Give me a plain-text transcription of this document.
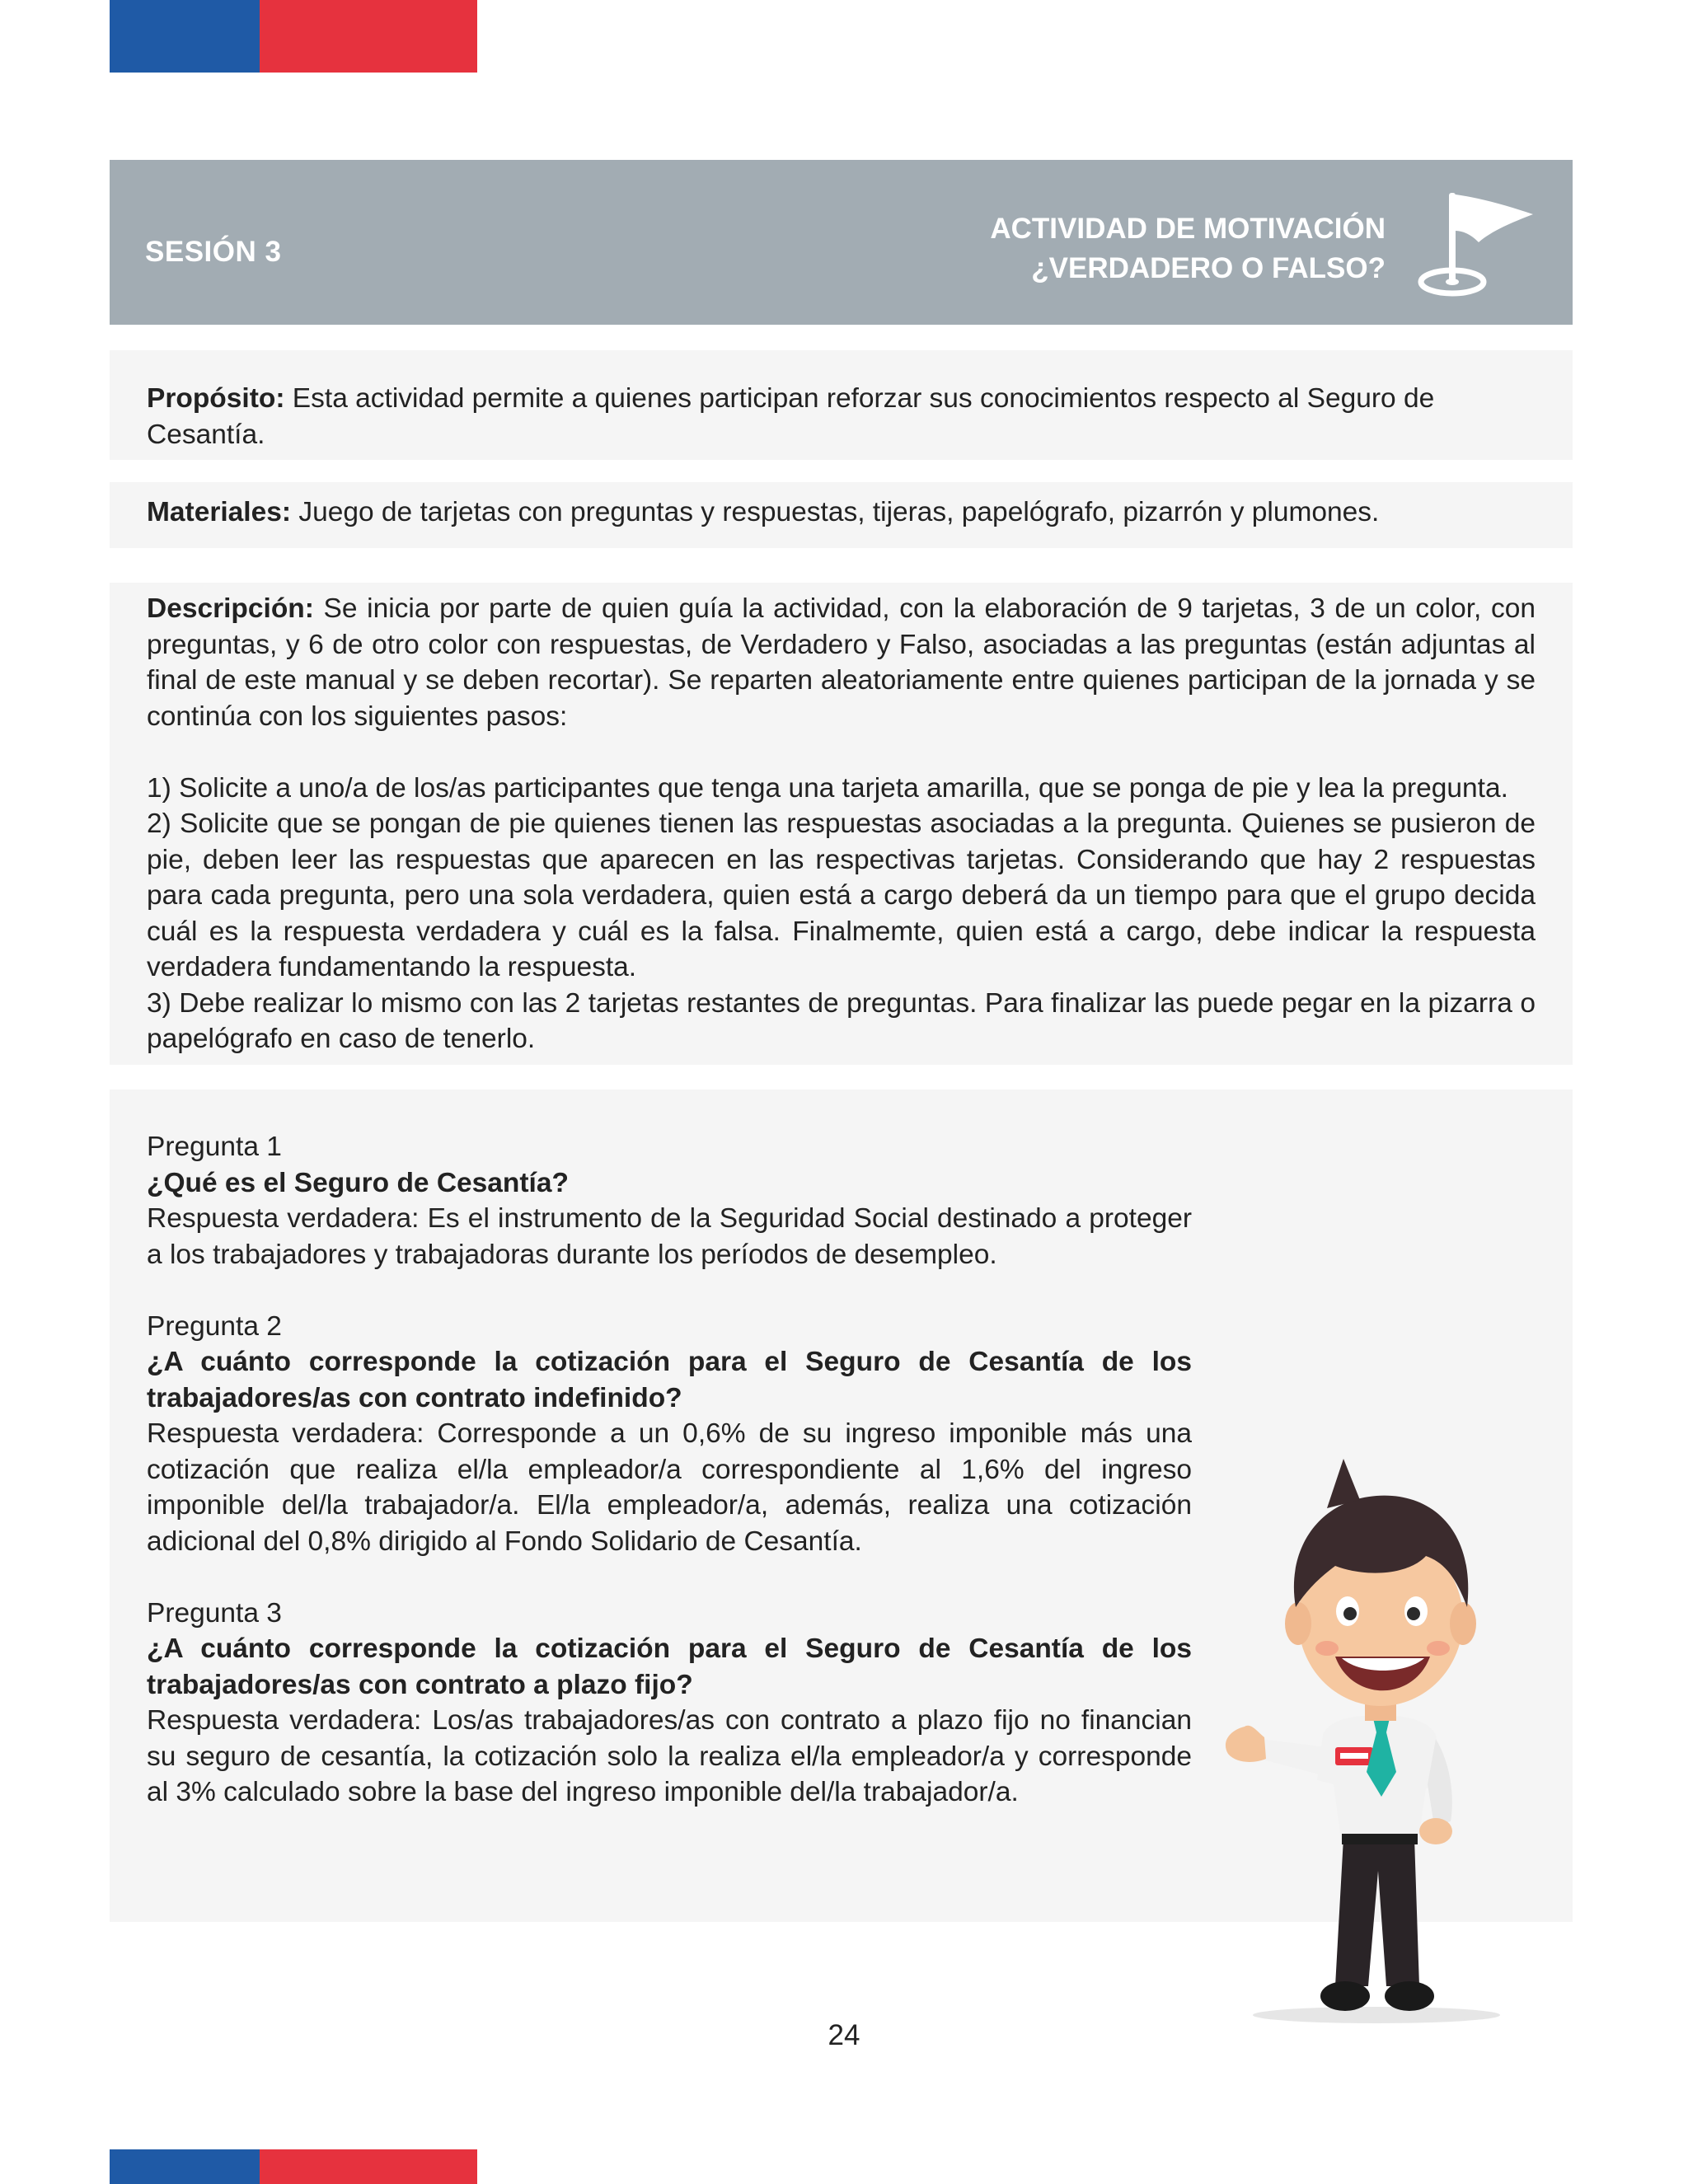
SESIÓN 3
ACTIVIDAD DE MOTIVACIÓN
¿VERDADERO O FALSO?
Propósito: Esta actividad permite a quienes participan reforzar sus conocimientos respecto al Seguro de Cesantía.
Materiales: Juego de tarjetas con preguntas y respuestas, tijeras, papelógrafo, pizarrón y plumones.

Descripción: Se inicia por parte de quien guía la actividad, con la elaboración de 9 tarjetas, 3 de un color, con preguntas, y 6 de otro color con respuestas, de Verdadero y Falso, asociadas a las preguntas (están adjuntas al final de este manual y se deben recortar). Se reparten aleatoriamente entre quienes participan de la jornada y se continúa con los siguientes pasos:

1) Solicite a uno/a de los/as participantes que tenga una tarjeta amarilla, que se ponga de pie y lea la pregunta.

2) Solicite que se pongan de pie quienes tienen las respuestas asociadas a la pregunta. Quienes se pusieron de pie, deben leer las respuestas que aparecen en las respectivas tarjetas. Considerando que hay 2 respuestas para cada pregunta, pero una sola verdadera, quien está a cargo deberá da un tiempo para que el grupo decida cuál es la respuesta verdadera y cuál es la falsa. Finalmemte, quien está a cargo, debe indicar la respuesta verdadera fundamentando la respuesta.

3) Debe realizar lo mismo con las 2 tarjetas restantes de preguntas. Para finalizar las puede pegar en la pizarra o papelógrafo en caso de tenerlo.

Pregunta 1

¿Qué es el Seguro de Cesantía?

Respuesta verdadera: Es el instrumento de la Seguridad Social destinado a proteger a los trabajadores y trabajadoras durante los períodos de desempleo.

Pregunta 2

¿A cuánto corresponde la cotización para el Seguro de Cesantía de los trabajadores/as con contrato indefinido?

Respuesta verdadera: Corresponde a un 0,6% de su ingreso imponible más una cotización que realiza el/la empleador/a correspondiente al 1,6% del ingreso imponible del/la trabajador/a. El/la empleador/a, además, realiza una cotización adicional del 0,8% dirigido al Fondo Solidario de Cesantía.

Pregunta 3

¿A cuánto corresponde la cotización para el Seguro de Cesantía de los trabajadores/as con contrato a plazo fijo?

Respuesta verdadera: Los/as trabajadores/as con contrato a plazo fijo no financian su seguro de cesantía, la cotización solo la realiza el/la empleador/a y corresponde al 3% calculado sobre la base del ingreso imponible del/la trabajador/a.

24
